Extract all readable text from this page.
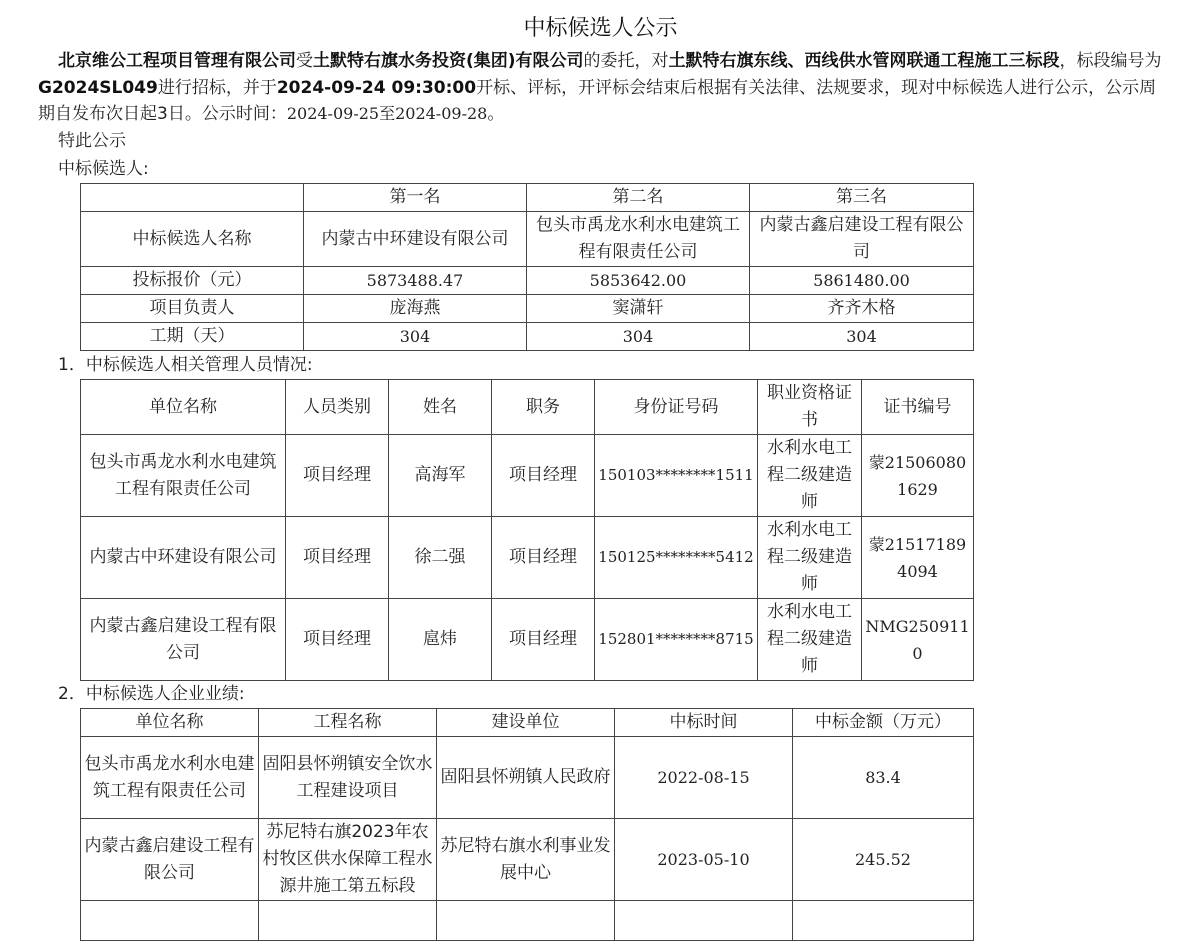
中标候选人公示
北京维公工程项目管理有限公司受土默特右旗水务投资(集团)有限公司的委托，对土默特右旗东线、西线供水管网联通工程施工三标段，标段编号为G2024SL049进行招标，并于2024-09-24 09:30:00开标、评标，开评标会结束后根据有关法律、法规要求，现对中标候选人进行公示，公示周期自发布次日起3日。公示时间：2024-09-25至2024-09-28。
特此公示
中标候选人:
	第一名	第二名	第三名
中标候选人名称	内蒙古中环建设有限公司	包头市禹龙水利水电建筑工程有限责任公司	内蒙古鑫启建设工程有限公司
投标报价（元）	5873488.47	5853642.00	5861480.00
项目负责人	庞海燕	窦潇轩	齐齐木格
工期（天）	304	304	304
1．中标候选人相关管理人员情况:
单位名称	人员类别	姓名	职务	身份证号码	职业资格证书	证书编号
包头市禹龙水利水电建筑工程有限责任公司	项目经理	高海军	项目经理	150103********1511	水利水电工程二级建造师	蒙215060801629
内蒙古中环建设有限公司	项目经理	徐二强	项目经理	150125********5412	水利水电工程二级建造师	蒙215171894094
内蒙古鑫启建设工程有限公司	项目经理	扈炜	项目经理	152801********8715	水利水电工程二级建造师	NMG2509110
2．中标候选人企业业绩:
单位名称	工程名称	建设单位	中标时间	中标金额（万元）
包头市禹龙水利水电建筑工程有限责任公司	固阳县怀朔镇安全饮水工程建设项目	固阳县怀朔镇人民政府	2022-08-15	83.4
内蒙古鑫启建设工程有限公司	苏尼特右旗2023年农村牧区供水保障工程水源井施工第五标段	苏尼特右旗水利事业发展中心	2023-05-10	245.52
